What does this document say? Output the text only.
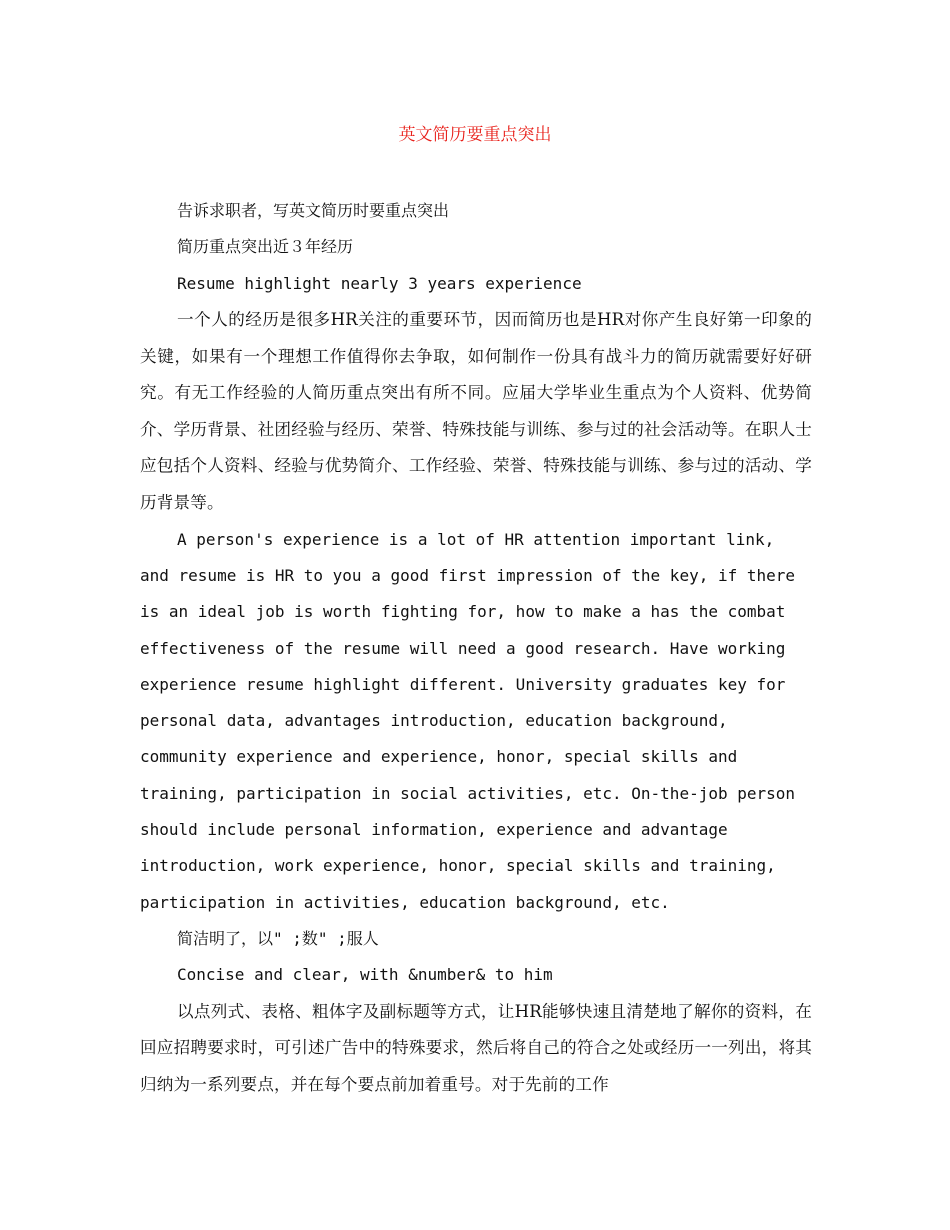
英文简历要重点突出

告诉求职者，写英文简历时要重点突出

简历重点突出近３年经历

Resume highlight nearly 3 years experience

一个人的经历是很多HR关注的重要环节，因而简历也是HR对你产生良好第一印象的关键，如果有一个理想工作值得你去争取，如何制作一份具有战斗力的简历就需要好好研究。有无工作经验的人简历重点突出有所不同。应届大学毕业生重点为个人资料、优势简介、学历背景、社团经验与经历、荣誉、特殊技能与训练、参与过的社会活动等。在职人士应包括个人资料、经验与优势简介、工作经验、荣誉、特殊技能与训练、参与过的活动、学历背景等。

A person's experience is a lot of HR attention important link, and resume is HR to you a good first impression of the key, if there is an ideal job is worth fighting for, how to make a has the combat effectiveness of the resume will need a good research. Have working experience resume highlight different. University graduates key for personal data, advantages introduction, education background, community experience and experience, honor, special skills and training, participation in social activities, etc. On-the-job person should include personal information, experience and advantage introduction, work experience, honor, special skills and training, participation in activities, education background, etc.

简洁明了，以" ;数" ;服人

Concise and clear, with &number& to him

以点列式、表格、粗体字及副标题等方式，让HR能够快速且清楚地了解你的资料，在回应招聘要求时，可引述广告中的特殊要求，然后将自己的符合之处或经历一一列出，将其归纳为一系列要点，并在每个要点前加着重号。对于先前的工作
